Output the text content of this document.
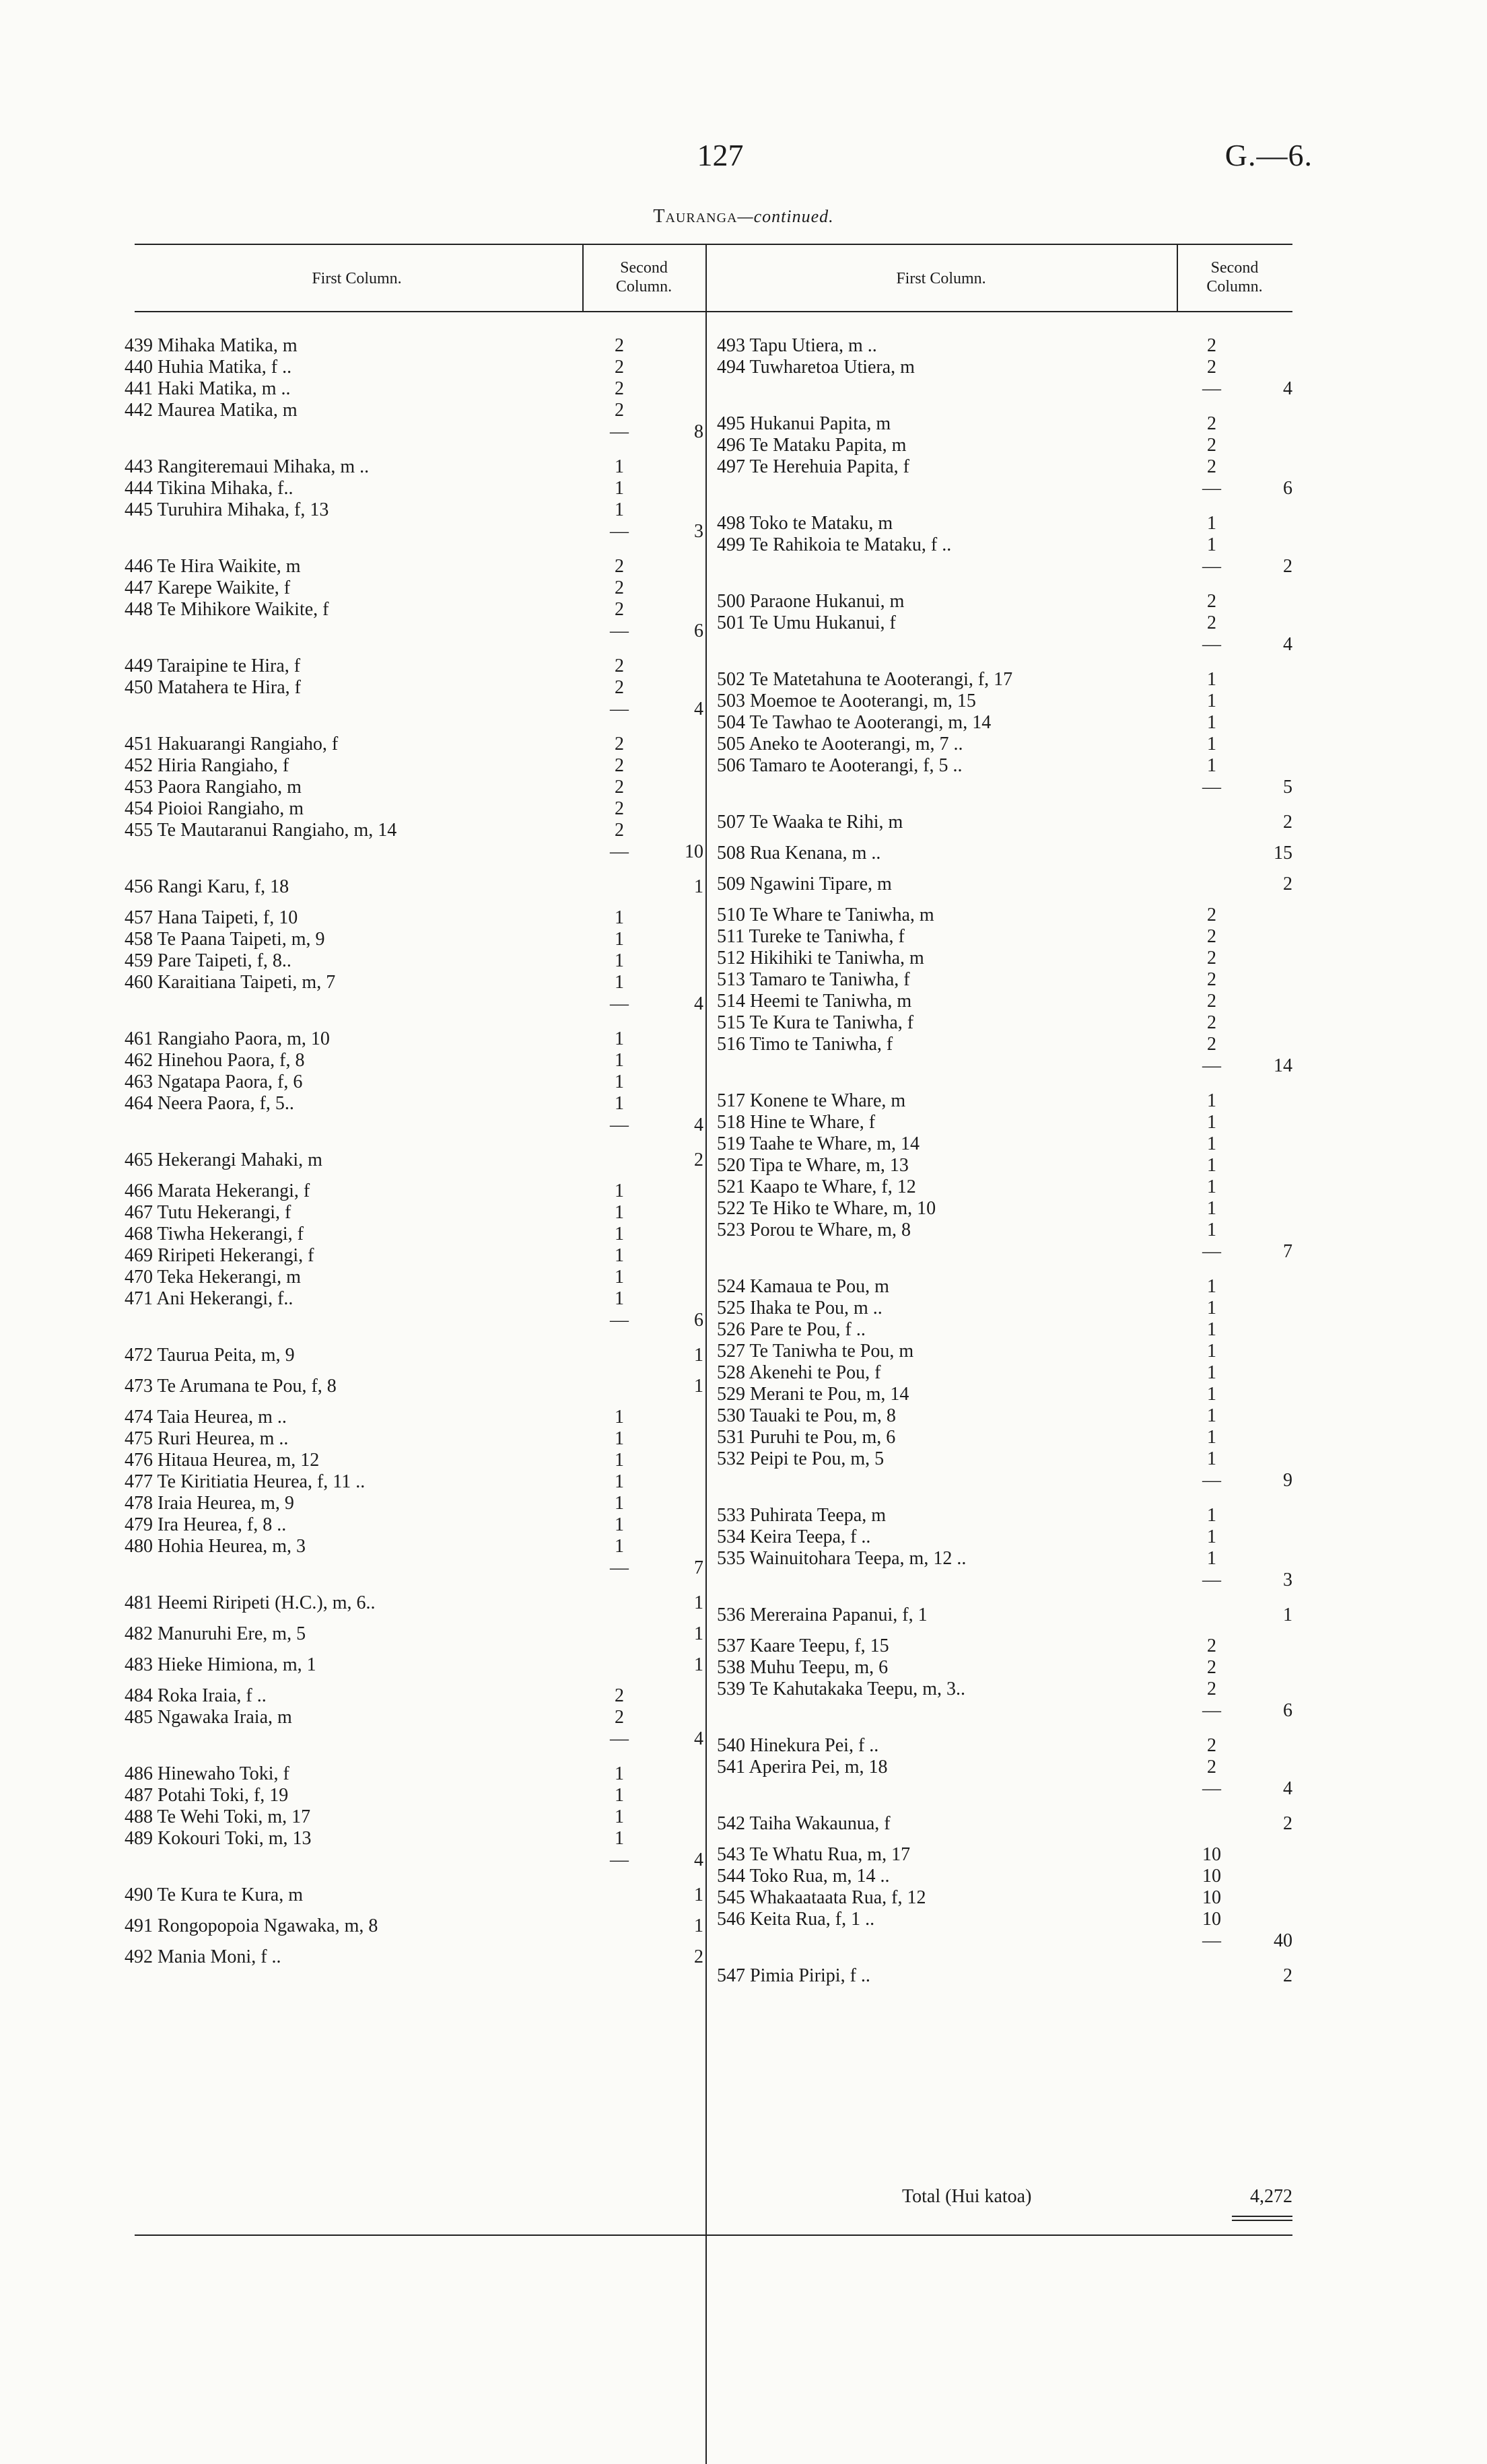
127	G.—6.
Tauranga—continued.
First Column.
Second
Column.	First Column.
Second
Column.
439 Mihaka Matika, m	2
440 Huhia Matika, f ..	2
441 Haki Matika, m ..	2
442 Maurea Matika, m	2
—	8
443 Rangiteremaui Mihaka, m ..	1
444 Tikina Mihaka, f..	1
445 Turuhira Mihaka, f, 13	1
—	3
446 Te Hira Waikite, m	2
447 Karepe Waikite, f	2
448 Te Mihikore Waikite, f	2
—	6
449 Taraipine te Hira, f	2
450 Matahera te Hira, f	2
—	4
451 Hakuarangi Rangiaho, f	2
452 Hiria Rangiaho, f	2
453 Paora Rangiaho, m	2
454 Pioioi Rangiaho, m	2
455 Te Mautaranui Rangiaho, m, 14	2
—	10
456 Rangi Karu, f, 18	1
457 Hana Taipeti, f, 10	1
458 Te Paana Taipeti, m, 9	1
459 Pare Taipeti, f, 8..	1
460 Karaitiana Taipeti, m, 7	1
—	4
461 Rangiaho Paora, m, 10	1
462 Hinehou Paora, f, 8	1
463 Ngatapa Paora, f, 6	1
464 Neera Paora, f, 5..	1
—	4
465 Hekerangi Mahaki, m	2
466 Marata Hekerangi, f	1
467 Tutu Hekerangi, f	1
468 Tiwha Hekerangi, f	1
469 Riripeti Hekerangi, f	1
470 Teka Hekerangi, m	1
471 Ani Hekerangi, f..	1
—	6
472 Taurua Peita, m, 9	1
473 Te Arumana te Pou, f, 8	1
474 Taia Heurea, m ..	1
475 Ruri Heurea, m ..	1
476 Hitaua Heurea, m, 12	1
477 Te Kiritiatia Heurea, f, 11 ..	1
478 Iraia Heurea, m, 9	1
479 Ira Heurea, f, 8 ..	1
480 Hohia Heurea, m, 3	1
—	7
481 Heemi Riripeti (H.C.), m, 6..	1
482 Manuruhi Ere, m, 5	1
483 Hieke Himiona, m, 1	1
484 Roka Iraia, f ..	2
485 Ngawaka Iraia, m	2
—	4
486 Hinewaho Toki, f	1
487 Potahi Toki, f, 19	1
488 Te Wehi Toki, m, 17	1
489 Kokouri Toki, m, 13	1
—	4
490 Te Kura te Kura, m	1
491 Rongopopoia Ngawaka, m, 8	1
492 Mania Moni, f ..	2
493 Tapu Utiera, m ..	2
494 Tuwharetoa Utiera, m	2
—	4
495 Hukanui Papita, m	2
496 Te Mataku Papita, m	2
497 Te Herehuia Papita, f	2
—	6
498 Toko te Mataku, m	1
499 Te Rahikoia te Mataku, f ..	1
—	2
500 Paraone Hukanui, m	2
501 Te Umu Hukanui, f	2
—	4
502 Te Matetahuna te Aooterangi, f, 17	1
503 Moemoe te Aooterangi, m, 15	1
504 Te Tawhao te Aooterangi, m, 14	1
505 Aneko te Aooterangi, m, 7 ..	1
506 Tamaro te Aooterangi, f, 5 ..	1
—	5
507 Te Waaka te Rihi, m	2
508 Rua Kenana, m ..	15
509 Ngawini Tipare, m	2
510 Te Whare te Taniwha, m	2
511 Tureke te Taniwha, f	2
512 Hikihiki te Taniwha, m	2
513 Tamaro te Taniwha, f	2
514 Heemi te Taniwha, m	2
515 Te Kura te Taniwha, f	2
516 Timo te Taniwha, f	2
—	14
517 Konene te Whare, m	1
518 Hine te Whare, f	1
519 Taahe te Whare, m, 14	1
520 Tipa te Whare, m, 13	1
521 Kaapo te Whare, f, 12	1
522 Te Hiko te Whare, m, 10	1
523 Porou te Whare, m, 8	1
—	7
524 Kamaua te Pou, m	1
525 Ihaka te Pou, m ..	1
526 Pare te Pou, f ..	1
527 Te Taniwha te Pou, m	1
528 Akenehi te Pou, f	1
529 Merani te Pou, m, 14	1
530 Tauaki te Pou, m, 8	1
531 Puruhi te Pou, m, 6	1
532 Peipi te Pou, m, 5	1
—	9
533 Puhirata Teepa, m	1
534 Keira Teepa, f ..	1
535 Wainuitohara Teepa, m, 12 ..	1
—	3
536 Mereraina Papanui, f, 1	1
537 Kaare Teepu, f, 15	2
538 Muhu Teepu, m, 6	2
539 Te Kahutakaka Teepu, m, 3..	2
—	6
540 Hinekura Pei, f ..	2
541 Aperira Pei, m, 18	2
—	4
542 Taiha Wakaunua, f	2
543 Te Whatu Rua, m, 17	10
544 Toko Rua, m, 14 ..	10
545 Whakaataata Rua, f, 12	10
546 Keita Rua, f, 1 ..	10
—	40
547 Pimia Piripi, f ..	2
Total (Hui katoa)	4,272
